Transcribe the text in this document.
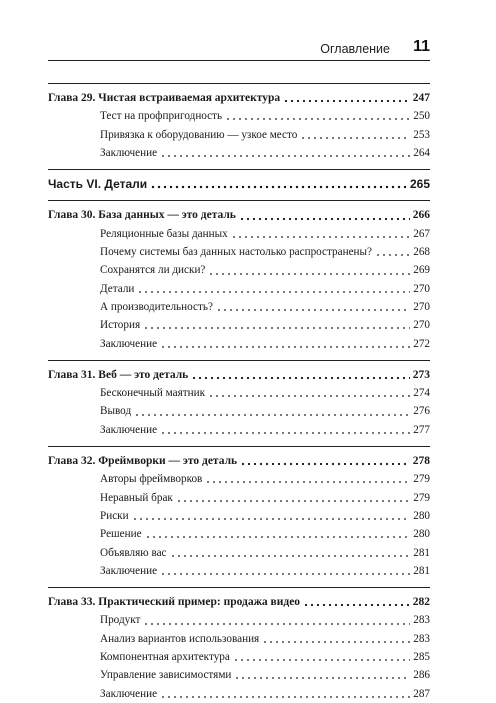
Оглавление 11
Глава 29. Чистая встраиваемая архитектура	247
Тест на профпригодность	250
Привязка к оборудованию — узкое место	253
Заключение	264
Часть VI. Детали	265
Глава 30. База данных — это деталь	266
Реляционные базы данных	267
Почему системы баз данных настолько распространены?	268
Сохранятся ли диски?	269
Детали	270
А производительность?	270
История	270
Заключение	272
Глава 31. Веб — это деталь	273
Бесконечный маятник	274
Вывод	276
Заключение	277
Глава 32. Фреймворки — это деталь	278
Авторы фреймворков	279
Неравный брак	279
Риски	280
Решение	280
Объявляю вас	281
Заключение	281
Глава 33. Практический пример: продажа видео	282
Продукт	283
Анализ вариантов использования	283
Компонентная архитектура	285
Управление зависимостями	286
Заключение	287
